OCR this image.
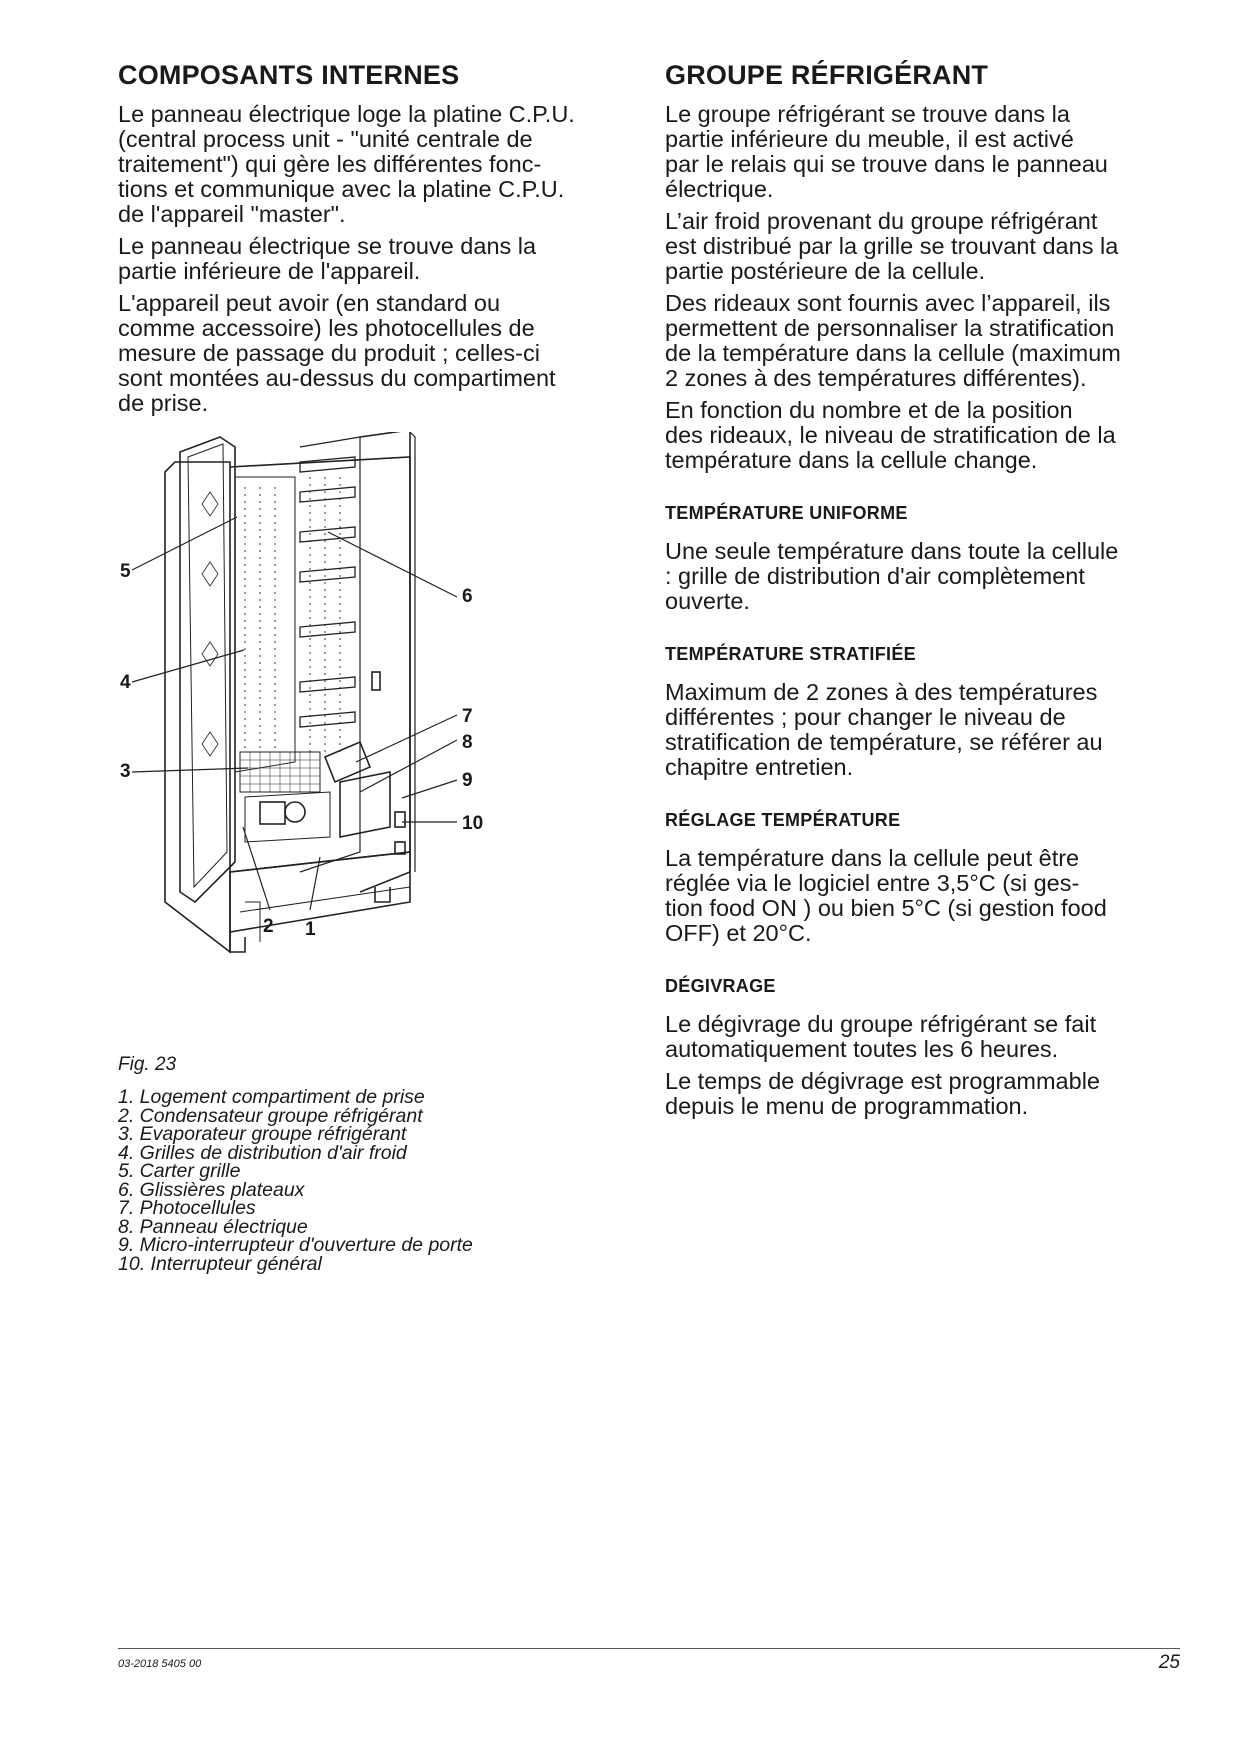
COMPOSANTS INTERNES

Le panneau électrique loge la platine C.P.U.
(central process unit - "unité centrale de
traitement") qui gère les différentes fonc-
tions et communique avec la platine C.P.U.
de l'appareil "master".

Le panneau électrique se trouve dans la
partie inférieure de l'appareil.

L'appareil peut avoir (en standard ou
comme accessoire) les photocellules de
mesure de passage du produit ; celles-ci
sont montées au-dessus du compartiment
de prise.

5
4
3
2 1
6
7
8
9
10
Fig. 23
1. Logement compartiment de prise
2. Condensateur groupe réfrigérant
3. Evaporateur groupe réfrigérant
4. Grilles de distribution d'air froid
5. Carter grille
6. Glissières plateaux
7. Photocellules
8. Panneau électrique
9. Micro-interrupteur d'ouverture de porte
10. Interrupteur général
GROUPE RÉFRIGÉRANT

Le groupe réfrigérant se trouve dans la
partie inférieure du meuble, il est activé
par le relais qui se trouve dans le panneau
électrique.

L’air froid provenant du groupe réfrigérant
est distribué par la grille se trouvant dans la
partie postérieure de la cellule.

Des rideaux sont fournis avec l’appareil, ils
permettent de personnaliser la stratification
de la température dans la cellule (maximum
2 zones à des températures différentes).

En fonction du nombre et de la position
des rideaux, le niveau de stratification de la
température dans la cellule change.

TEMPÉRATURE UNIFORME

Une seule température dans toute la cellule
: grille de distribution d'air complètement
ouverte.

TEMPÉRATURE STRATIFIÉE

Maximum de 2 zones à des températures
différentes ; pour changer le niveau de
stratification de température, se référer au
chapitre entretien.

RÉGLAGE TEMPÉRATURE

La température dans la cellule peut être
réglée via le logiciel entre 3,5°C (si ges-
tion food ON ) ou bien 5°C (si gestion food
OFF) et 20°C.

DÉGIVRAGE

Le dégivrage du groupe réfrigérant se fait
automatiquement toutes les 6 heures.

Le temps de dégivrage est programmable
depuis le menu de programmation.

03-2018 5405 00	25
